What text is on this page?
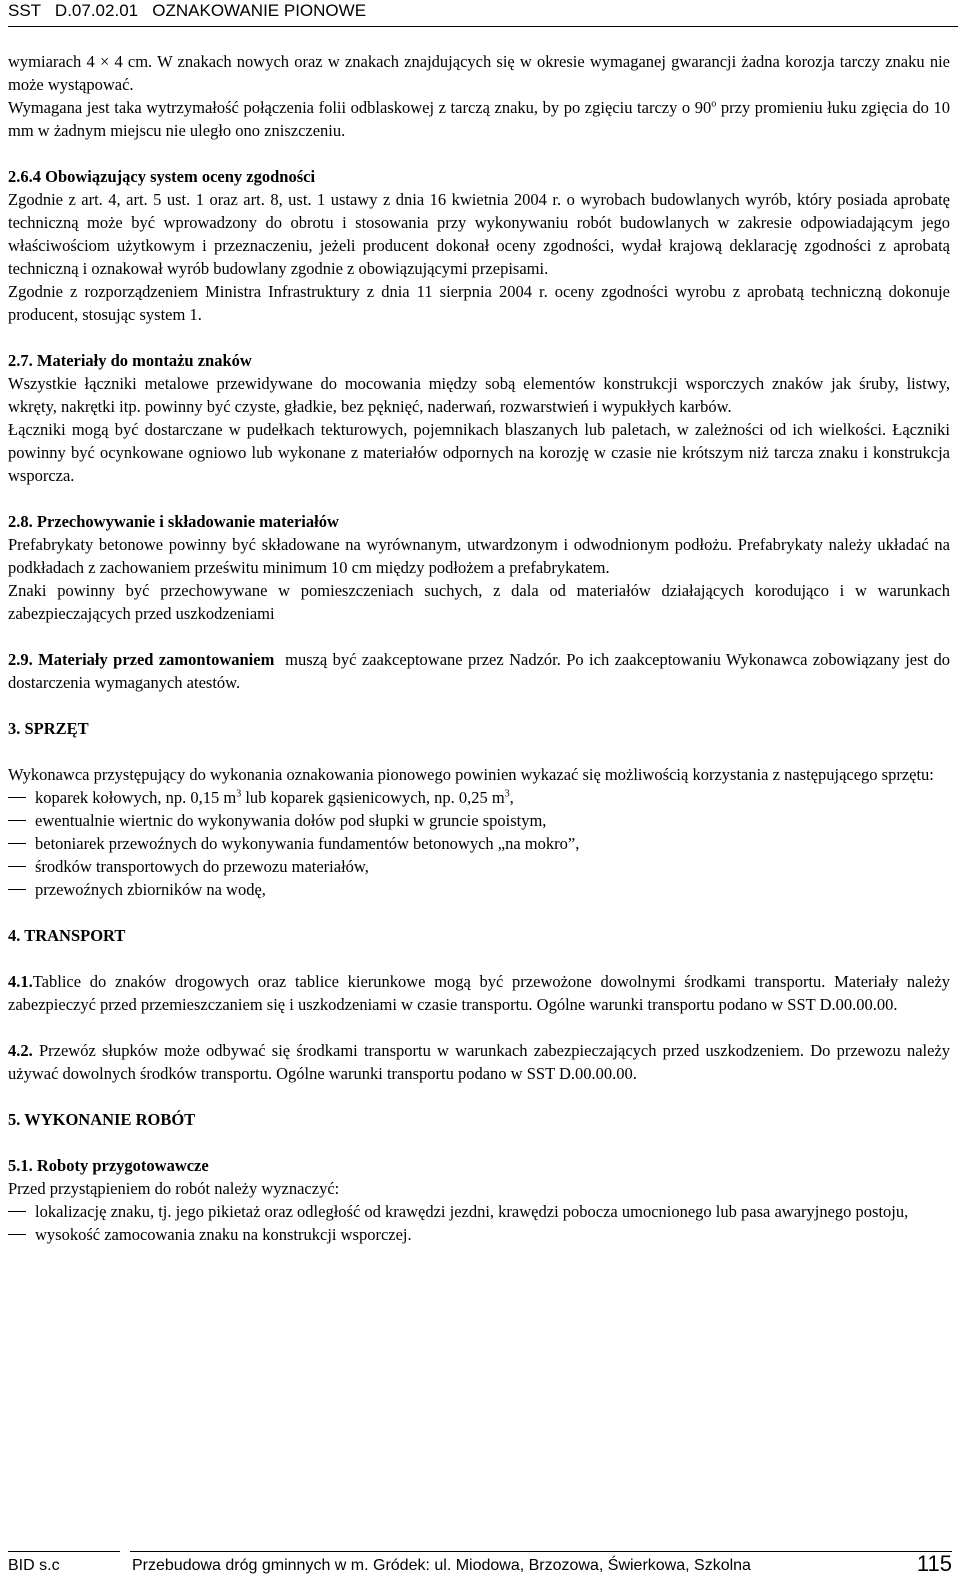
SST   D.07.02.01   OZNAKOWANIE PIONOWE

wymiarach 4 × 4 cm. W znakach nowych oraz w znakach znajdujących się w okresie wymaganej gwarancji żadna korozja tarczy znaku nie może wystąpować.

Wymagana jest taka wytrzymałość połączenia folii odblaskowej z tarczą znaku, by po zgięciu tarczy o 90$^o$ przy promieniu łuku zgięcia do 10 mm w żadnym miejscu nie uległo ono zniszczeniu.

2.6.4 Obowiązujący system oceny zgodności

Zgodnie z art. 4, art. 5 ust. 1 oraz art. 8, ust. 1 ustawy z dnia 16 kwietnia 2004 r. o wyrobach budowlanych wyrób, który posiada aprobatę techniczną może być wprowadzony do obrotu i stosowania przy wykonywaniu robót budowlanych w zakresie odpowiadającym jego właściwościom użytkowym i przeznaczeniu, jeżeli producent dokonał oceny zgodności, wydał krajową deklarację zgodności z aprobatą techniczną i oznakował wyrób budowlany zgodnie z obowiązującymi przepisami.

Zgodnie z rozporządzeniem Ministra Infrastruktury z dnia 11 sierpnia 2004 r. oceny zgodności wyrobu z aprobatą techniczną dokonuje producent, stosując system 1.

2.7. Materiały do montażu znaków

Wszystkie łączniki metalowe przewidywane do mocowania między sobą elementów konstrukcji wsporczych znaków jak śruby, listwy, wkręty, nakrętki itp. powinny być czyste, gładkie, bez pęknięć, naderwań, rozwarstwień i wypukłych karbów.

Łączniki mogą być dostarczane w pudełkach tekturowych, pojemnikach blaszanych lub paletach, w zależności od ich wielkości. Łączniki powinny być ocynkowane ogniowo lub wykonane z materiałów odpornych na korozję w czasie nie krótszym niż tarcza znaku i konstrukcja wsporcza.

2.8. Przechowywanie i składowanie materiałów

Prefabrykaty betonowe powinny być składowane na wyrównanym, utwardzonym i odwodnionym podłożu. Prefabrykaty należy układać na podkładach z zachowaniem prześwitu minimum 10 cm między podłożem a prefabrykatem.

Znaki powinny być przechowywane w pomieszczeniach suchych, z dala od materiałów działających korodująco i w warunkach zabezpieczających przed uszkodzeniami

2.9. Materiały przed zamontowaniem  muszą być zaakceptowane przez Nadzór. Po ich zaakceptowaniu Wykonawca zobowiązany jest do dostarczenia wymaganych atestów.

3. SPRZĘT

Wykonawca przystępujący do wykonania oznakowania pionowego powinien wykazać się możliwością korzystania z następującego sprzętu:

koparek kołowych, np. 0,15 $m^3$ lub koparek gąsienicowych, np. 0,25 $m^3$,
ewentualnie wiertnic do wykonywania dołów pod słupki w gruncie spoistym,
betoniarek przewoźnych do wykonywania fundamentów betonowych „na mokro”,
środków transportowych do przewozu materiałów,
przewoźnych zbiorników na wodę,

4. TRANSPORT

4.1.Tablice do znaków drogowych oraz tablice kierunkowe mogą być przewożone dowolnymi środkami transportu. Materiały należy zabezpieczyć przed przemieszczaniem się i uszkodzeniami w czasie transportu. Ogólne warunki transportu podano w SST D.00.00.00.

4.2. Przewóz słupków może odbywać się środkami transportu w warunkach zabezpieczających przed uszkodzeniem. Do przewozu należy używać dowolnych środków transportu. Ogólne warunki transportu podano w SST D.00.00.00.

5. WYKONANIE ROBÓT

5.1. Roboty przygotowawcze

Przed przystąpieniem do robót należy wyznaczyć:

lokalizację znaku, tj. jego pikietaż oraz odległość od krawędzi jezdni, krawędzi pobocza umocnionego lub pasa awaryjnego postoju,
wysokość zamocowania znaku na konstrukcji wsporczej.
BID s.c	Przebudowa dróg gminnych w m. Gródek: ul. Miodowa, Brzozowa, Świerkowa, Szkolna	115
